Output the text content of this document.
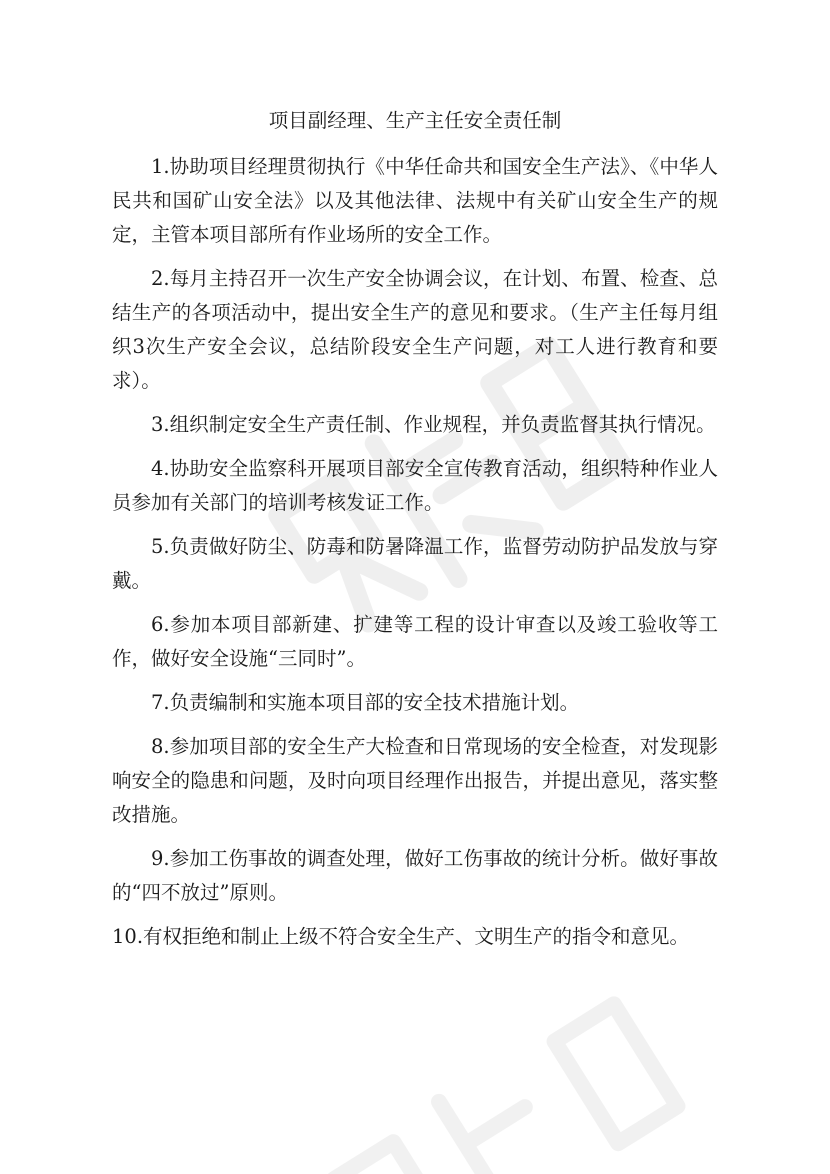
项目副经理、生产主任安全责任制

1.协助项目经理贯彻执行《中华任命共和国安全生产法》、《中华人民共和国矿山安全法》以及其他法律、法规中有关矿山安全生产的规定，主管本项目部所有作业场所的安全工作。

2.每月主持召开一次生产安全协调会议，在计划、布置、检查、总结生产的各项活动中，提出安全生产的意见和要求。（生产主任每月组织3次生产安全会议，总结阶段安全生产问题，对工人进行教育和要求）。

3.组织制定安全生产责任制、作业规程，并负责监督其执行情况。

4.协助安全监察科开展项目部安全宣传教育活动，组织特种作业人员参加有关部门的培训考核发证工作。

5.负责做好防尘、防毒和防暑降温工作，监督劳动防护品发放与穿戴。

6.参加本项目部新建、扩建等工程的设计审查以及竣工验收等工作，做好安全设施“三同时”。

7.负责编制和实施本项目部的安全技术措施计划。

8.参加项目部的安全生产大检查和日常现场的安全检查，对发现影响安全的隐患和问题，及时向项目经理作出报告，并提出意见，落实整改措施。

9.参加工伤事故的调查处理，做好工伤事故的统计分析。做好事故的“四不放过”原则。

10.有权拒绝和制止上级不符合安全生产、文明生产的指令和意见。
